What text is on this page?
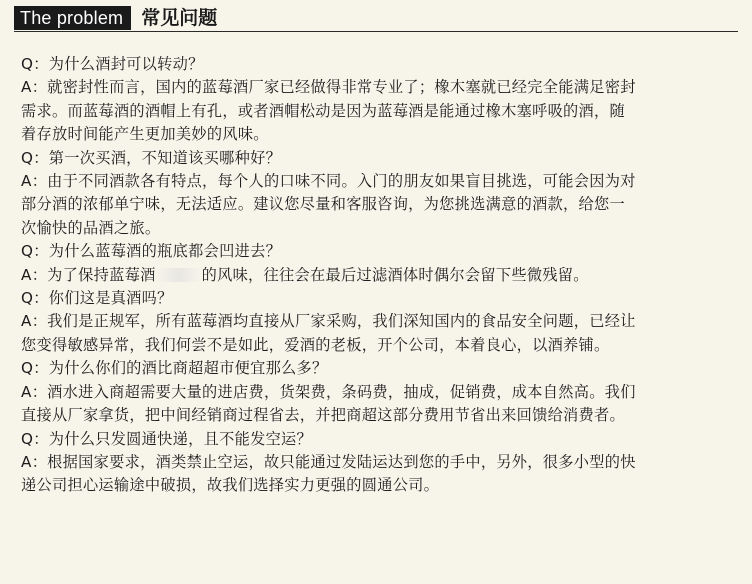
The problem 常见问题
Q：为什么酒封可以转动？
A：就密封性而言，国内的蓝莓酒厂家已经做得非常专业了；橡木塞就已经完全能满足密封
需求。而蓝莓酒的酒帽上有孔，或者酒帽松动是因为蓝莓酒是能通过橡木塞呼吸的酒，随
着存放时间能产生更加美妙的风味。
Q：第一次买酒，不知道该买哪种好？
A：由于不同酒款各有特点，每个人的口味不同。入门的朋友如果盲目挑选，可能会因为对
部分酒的浓郁单宁味，无法适应。建议您尽量和客服咨询，为您挑选满意的酒款，给您一
次愉快的品酒之旅。
Q：为什么蓝莓酒的瓶底都会凹进去？
A：为了保持蓝莓酒	的风味，往往会在最后过滤酒体时偶尔会留下些微残留。
Q：你们这是真酒吗？
A：我们是正规军，所有蓝莓酒均直接从厂家采购，我们深知国内的食品安全问题，已经让
您变得敏感异常，我们何尝不是如此，爱酒的老板，开个公司，本着良心，以酒养铺。
Q：为什么你们的酒比商超超市便宜那么多？
A：酒水进入商超需要大量的进店费，货架费，条码费，抽成，促销费，成本自然高。我们
直接从厂家拿货，把中间经销商过程省去，并把商超这部分费用节省出来回馈给消费者。
Q：为什么只发圆通快递，且不能发空运？
A：根据国家要求，酒类禁止空运，故只能通过发陆运达到您的手中，另外，很多小型的快
递公司担心运输途中破损，故我们选择实力更强的圆通公司。
